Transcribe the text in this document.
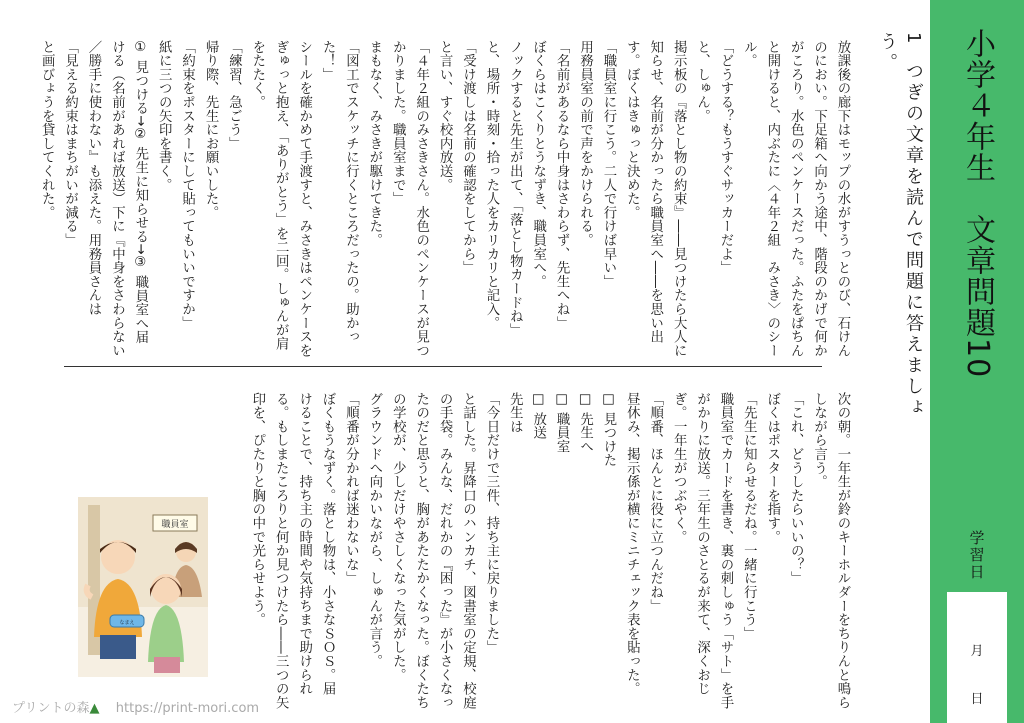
小学４年生　文章問題10
学習日
月
日
1つぎの文章を読んで問題に答えましょう。

放課後の廊下はモップの水がすうっとのび、石けん

のにおい。下足箱へ向かう途中、階段のかげで何か

がころり。水色のペンケースだった。ふたをぱちん

と開けると、内ぶたに〈４年２組　みさき〉のシー

ル。

「どうする？もうすぐサッカーだよ」

と、しゅん。

掲示板の『落とし物の約束』――見つけたら大人に

知らせ、名前が分かったら職員室へ――を思い出

す。ぼくはきゅっと決めた。

「職員室に行こう。二人で行けば早い」

用務員室の前で声をかけられる。

「名前があるなら中身はさわらず、先生へね」

ぼくらはこくりとうなずき、職員室へ。

ノックすると先生が出て、「落とし物カードね」

と、場所・時刻・拾った人をカリカリと記入。

「受け渡しは名前の確認をしてから」

と言い、すぐ校内放送。

「４年２組のみさきさん。水色のペンケースが見つ

かりました。職員室まで」

まもなく、みさきが駆けてきた。

「図工でスケッチに行くところだったの。助かっ

た！」

シールを確かめて手渡すと、みさきはペンケースを

ぎゅっと抱え、「ありがとう」を二回。しゅんが肩

をたたく。

「練習、急ごう」

帰り際、先生にお願いした。

「約束をポスターにして貼ってもいいですか」

紙に三つの矢印を書く。

① 見つける→② 先生に知らせる→③ 職員室へ届

ける（名前があれば放送）下に『中身をさわらない

／勝手に使わない』も添えた。用務員さんは

「見える約束はまちがいが減る」

と画びょうを貸してくれた。

次の朝。一年生が鈴のキーホルダーをちりんと鳴ら

しながら言う。

「これ、どうしたらいいの？」

ぼくはポスターを指す。

「先生に知らせるだね。一緒に行こう」

職員室でカードを書き、裏の刺しゅう「サト」を手

がかりに放送。三年生のさとるが来て、深くおじ

ぎ。一年生がつぶやく。

「順番、ほんとに役に立つんだね」

昼休み、掲示係が横にミニチェック表を貼った。

□ 見つけた

□ 先生へ

□ 職員室

□ 放送

先生は

「今日だけで三件、持ち主に戻りました」

と話した。昇降口のハンカチ、図書室の定規、校庭

の手袋。みんな、だれかの『困った』が小さくなっ

たのだと思うと、胸があたたかくなった。ぼくたち

の学校が、少しだけやさしくなった気がした。

グラウンドへ向かいながら、しゅんが言う。

「順番が分かれば迷わないな」

ぼくもうなずく。落とし物は、小さなＳＯＳ。届

けることで、持ち主の時間や気持ちまで助けられ

る。もしまたころりと何か見つけたら――三つの矢

印を、ぴたりと胸の中で光らせよう。

職員室
なまえ
プリントの森▲ https://print-mori.com
